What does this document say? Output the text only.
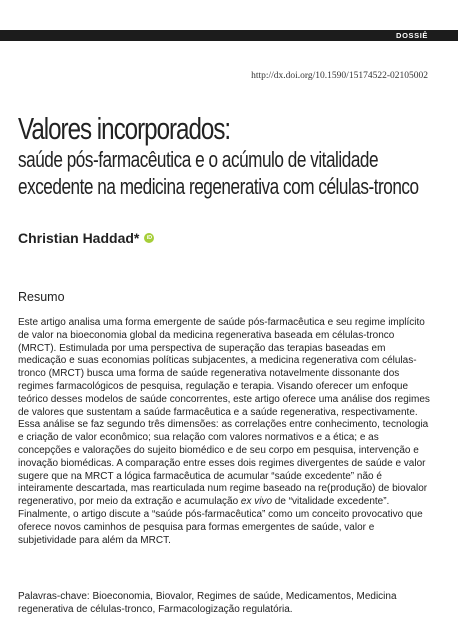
DOSSIÊ
http://dx.doi.org/10.1590/15174522-02105002
Valores incorporados:
saúde pós-farmacêutica e o acúmulo de vitalidade
excedente na medicina regenerativa com células-tronco
Christian Haddad*	iD
Resumo

Este artigo analisa uma forma emergente de saúde pós-farmacêutica e seu regime implícito de valor na bioeconomia global da medicina regenerativa baseada em células-tronco (MRCT). Estimulada por uma perspectiva de superação das terapias baseadas em medicação e suas economias políticas subjacentes, a medicina regenerativa com células-tronco (MRCT) busca uma forma de saúde regenerativa notavelmente dissonante dos regimes farmacológicos de pesquisa, regulação e terapia. Visando oferecer um enfoque teórico desses modelos de saúde concorrentes, este artigo oferece uma análise dos regimes de valores que sustentam a saúde farmacêutica e a saúde regenerativa, respectivamente. Essa análise se faz segundo três dimensões: as correlações entre conhecimento, tecnologia e criação de valor econômico; sua relação com valores normativos e a ética; e as concepções e valorações do sujeito biomédico e de seu corpo em pesquisa, intervenção e inovação biomédicas. A comparação entre esses dois regimes divergentes de saúde e valor sugere que na MRCT a lógica farmacêutica de acumular “saúde excedente” não é inteiramente descartada, mas rearticulada num regime baseado na re(produção) de biovalor regenerativo, por meio da extração e acumulação ex vivo de “vitalidade excedente”. Finalmente, o artigo discute a “saúde pós-farmacêutica” como um conceito provocativo que oferece novos caminhos de pesquisa para formas emergentes de saúde, valor e subjetividade para além da MRCT.

Palavras-chave: Bioeconomia, Biovalor, Regimes de saúde, Medicamentos, Medicina regenerativa de células-tronco, Farmacologização regulatória.
